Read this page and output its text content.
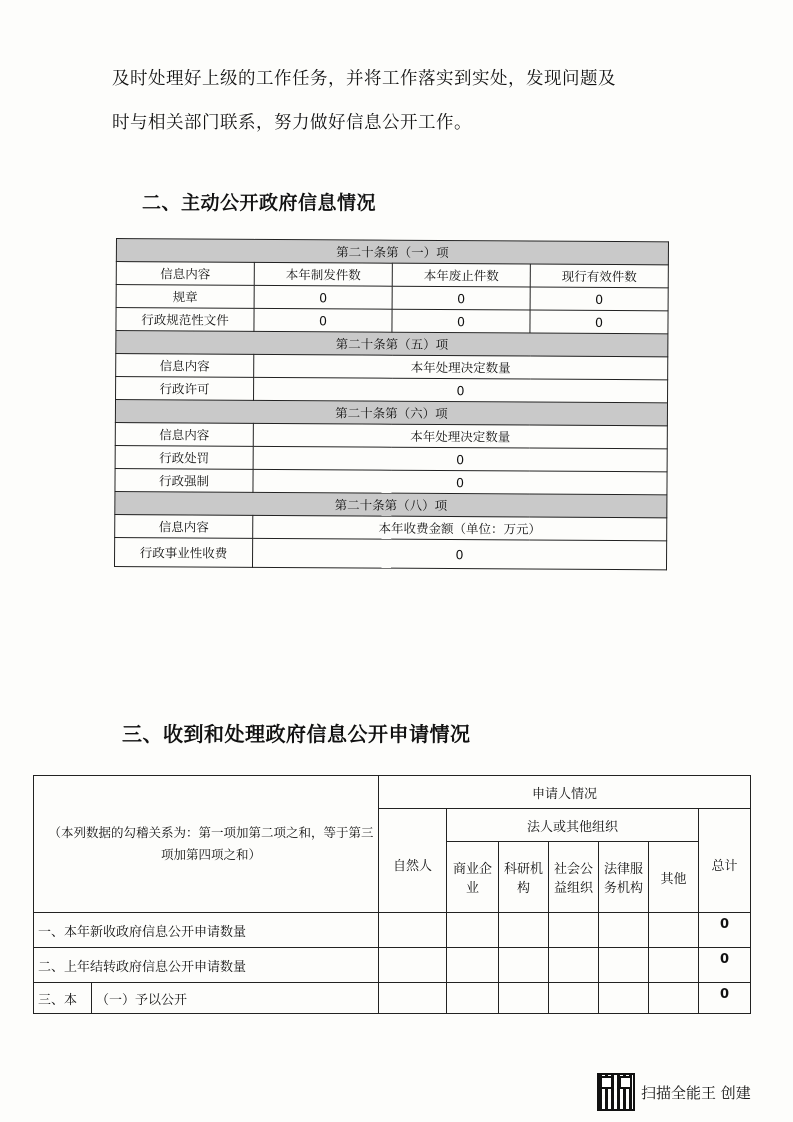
及时处理好上级的工作任务，并将工作落实到实处，发现问题及

时与相关部门联系，努力做好信息公开工作。

二、主动公开政府信息情况
第二十条第（一）项			
信息内容	本年制发件数	本年废止件数	现行有效件数
规章	0	0	0
行政规范性文件	0	0	0
第二十条第（五）项			
信息内容	本年处理决定数量		
行政许可	0		
第二十条第（六）项			
信息内容	本年处理决定数量		
行政处罚	0		
行政强制	0		
第二十条第（八）项			
信息内容	本年收费金额（单位：万元）		
行政事业性收费	0		
三、收到和处理政府信息公开申请情况
（本列数据的勾稽关系为：第一项加第二项之和，等于第三项加第四项之和）		申请人情况						
		自然人	法人或其他组织					总计
			商业企业	科研机构	社会公益组织	法律服务机构	其他	
一、本年新收政府信息公开申请数量								0
二、上年结转政府信息公开申请数量								0
三、本	（一）予以公开							0
扫描全能王 创建
